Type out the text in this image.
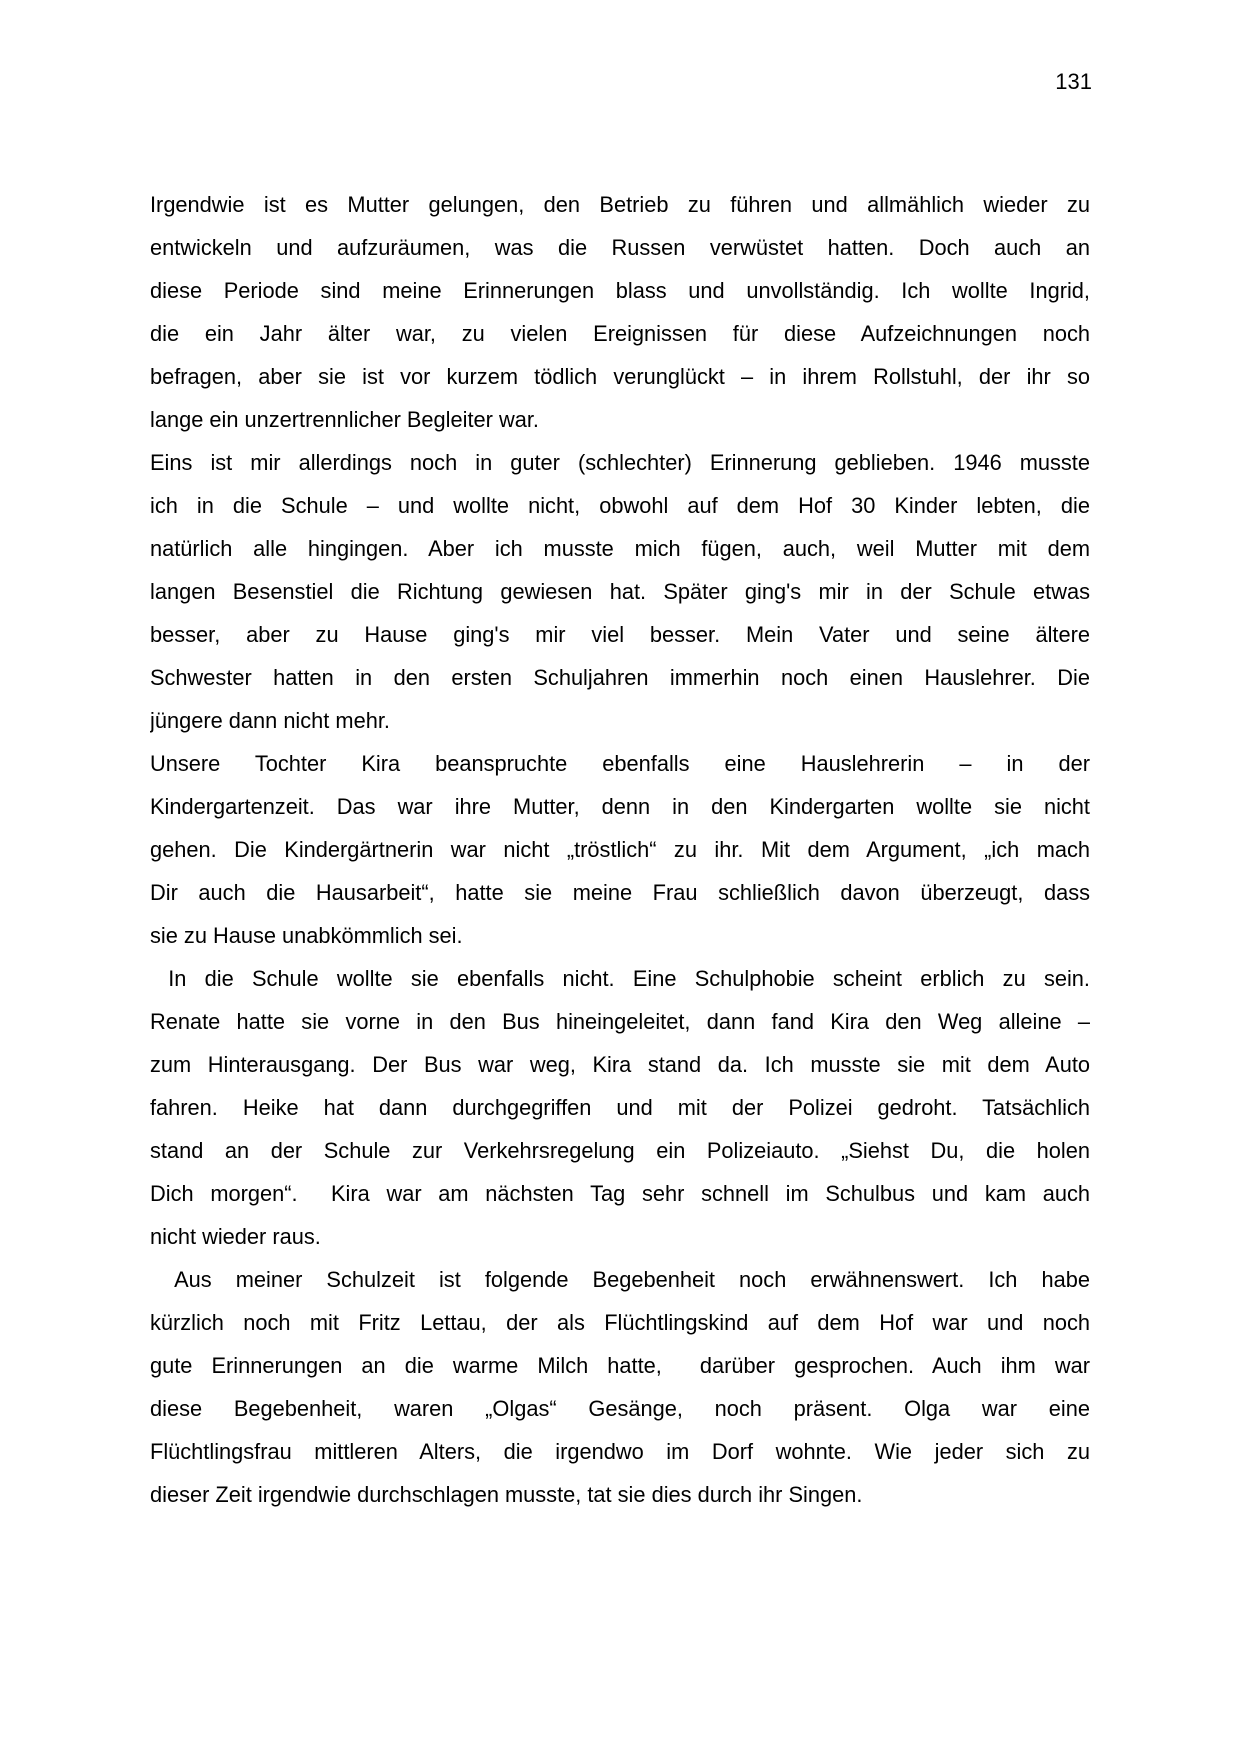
131
Irgendwie ist es Mutter gelungen, den Betrieb zu führen und allmählich wieder zu
entwickeln und aufzuräumen, was die Russen verwüstet hatten. Doch auch an
diese Periode sind meine Erinnerungen blass und unvollständig. Ich wollte Ingrid,
die ein Jahr älter war, zu vielen Ereignissen für diese Aufzeichnungen noch
befragen, aber sie ist vor kurzem tödlich verunglückt – in ihrem Rollstuhl, der ihr so
lange ein unzertrennlicher Begleiter war.
Eins ist mir allerdings noch in guter (schlechter) Erinnerung geblieben. 1946 musste
ich in die Schule – und wollte nicht, obwohl auf dem Hof 30 Kinder lebten, die
natürlich alle hingingen. Aber ich musste mich fügen, auch, weil Mutter mit dem
langen Besenstiel die Richtung gewiesen hat. Später ging's mir in der Schule etwas
besser, aber zu Hause ging's mir viel besser. Mein Vater und seine ältere
Schwester hatten in den ersten Schuljahren immerhin noch einen Hauslehrer. Die
jüngere dann nicht mehr.
Unsere Tochter Kira beanspruchte ebenfalls eine Hauslehrerin – in der
Kindergartenzeit. Das war ihre Mutter, denn in den Kindergarten wollte sie nicht
gehen. Die Kindergärtnerin war nicht „tröstlich“ zu ihr. Mit dem Argument, „ich mach
Dir auch die Hausarbeit“, hatte sie meine Frau schließlich davon überzeugt, dass
sie zu Hause unabkömmlich sei.
In die Schule wollte sie ebenfalls nicht. Eine Schulphobie scheint erblich zu sein.
Renate hatte sie vorne in den Bus hineingeleitet, dann fand Kira den Weg alleine –
zum Hinterausgang. Der Bus war weg, Kira stand da. Ich musste sie mit dem Auto
fahren. Heike hat dann durchgegriffen und mit der Polizei gedroht. Tatsächlich
stand an der Schule zur Verkehrsregelung ein Polizeiauto. „Siehst Du, die holen
Dich morgen“.  Kira war am nächsten Tag sehr schnell im Schulbus und kam auch
nicht wieder raus.
Aus meiner Schulzeit ist folgende Begebenheit noch erwähnenswert. Ich habe
kürzlich noch mit Fritz Lettau, der als Flüchtlingskind auf dem Hof war und noch
gute Erinnerungen an die warme Milch hatte,  darüber gesprochen. Auch ihm war
diese Begebenheit, waren „Olgas“ Gesänge, noch präsent. Olga war eine
Flüchtlingsfrau mittleren Alters, die irgendwo im Dorf wohnte. Wie jeder sich zu
dieser Zeit irgendwie durchschlagen musste, tat sie dies durch ihr Singen.
